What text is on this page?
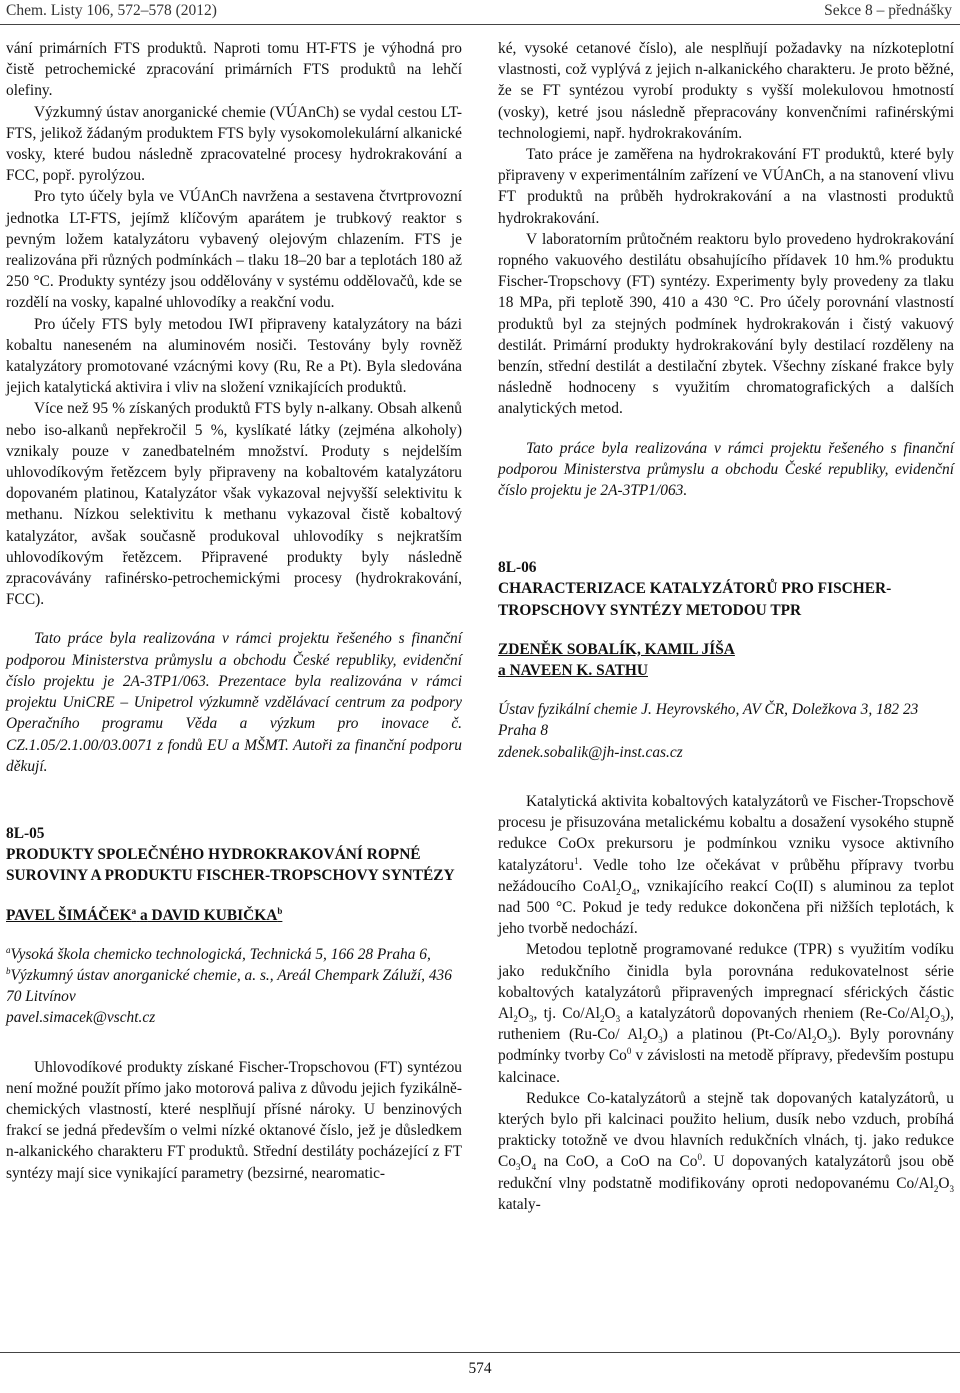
Chem. Listy 106, 572–578 (2012)	Sekce 8 – přednášky

vání primárních FTS produktů. Naproti tomu HT-FTS je výhodná pro čistě petrochemické zpracování primárních FTS produktů na lehčí olefiny.

Výzkumný ústav anorganické chemie (VÚAnCh) se vydal cestou LT-FTS, jelikož žádaným produktem FTS byly vysokomolekulární alkanické vosky, které budou následně zpracovatelné procesy hydrokrakování a FCC, popř. pyrolýzou.

Pro tyto účely byla ve VÚAnCh navržena a sestavena čtvrtprovozní jednotka LT-FTS, jejímž klíčovým aparátem je trubkový reaktor s pevným ložem katalyzátoru vybavený olejovým chlazením. FTS je realizována při různých podmínkách – tlaku 18–20 bar a teplotách 180 až 250 °C. Produkty syntézy jsou oddělovány v systému oddělovačů, kde se rozdělí na vosky, kapalné uhlovodíky a reakční vodu.

Pro účely FTS byly metodou IWI připraveny katalyzátory na bázi kobaltu naneseném na aluminovém nosiči. Testovány byly rovněž katalyzátory promotované vzácnými kovy (Ru, Re a Pt). Byla sledována jejich katalytická aktivira i vliv na složení vznikajících produktů.

Více než 95 % získaných produktů FTS byly n-alkany. Obsah alkenů nebo iso-alkanů nepřekročil 5 %, kyslíkaté látky (zejména alkoholy) vznikaly pouze v zanedbatelném množství. Produty s nejdelším uhlovodíkovým řetězcem byly připraveny na kobaltovém katalyzátoru dopovaném platinou, Katalyzátor však vykazoval nejvyšší selektivitu k methanu. Nízkou selektivitu k methanu vykazoval čistě kobaltový katalyzátor, avšak současně produkoval uhlovodíky s nejkratším uhlovodíkovým řetězcem. Připravené produkty byly následně zpracovávány rafinérsko-petrochemickými procesy (hydrokrakování, FCC).

Tato práce byla realizována v rámci projektu řešeného s finanční podporou Ministerstva průmyslu a obchodu České republiky, evidenční číslo projektu je 2A-3TP1/063. Prezentace byla realizována v rámci projektu UniCRE – Unipetrol výzkumně vzdělávací centrum za podpory Operačního programu Věda a výzkum pro inovace č. CZ.1.05/2.1.00/03.0071 z fondů EU a MŠMT. Autoři za finanční podporu děkují.

8L-05

PRODUKTY SPOLEČNÉHO HYDROKRAKOVÁNÍ ROPNÉ SUROVINY A PRODUKTU FISCHER-TROPSCHOVY SYNTÉZY

PAVEL ŠIMÁČEK$^a$ a DAVID KUBIČKA$^b$

$^a$Vysoká škola chemicko technologická, Technická 5, 166 28 Praha 6, $^b$Výzkumný ústav anorganické chemie, a. s., Areál Chempark Záluží, 436 70 Litvínov

pavel.simacek@vscht.cz

Uhlovodíkové produkty získané Fischer-Tropschovou (FT) syntézou není možné použít přímo jako motorová paliva z důvodu jejich fyzikálně-chemických vlastností, které nesplňují přísné nároky. U benzinových frakcí se jedná především o velmi nízké oktanové číslo, jež je důsledkem n-alkanického charakteru FT produktů. Střední destiláty pocházející z FT syntézy mají sice vynikající parametry (bezsirné, nearomatic-

ké, vysoké cetanové číslo), ale nesplňují požadavky na nízkoteplotní vlastnosti, což vyplývá z jejich n-alkanického charakteru. Je proto běžné, že se FT syntézou vyrobí produkty s vyšší molekulovou hmotností (vosky), ketré jsou následně přepracovány konvenčními rafinérskými technologiemi, např. hydrokrakováním.

Tato práce je zaměřena na hydrokrakování FT produktů, které byly připraveny v experimentálním zařízení ve VÚAnCh, a na stanovení vlivu FT produktů na průběh hydrokrakování a na vlastnosti produktů hydrokrakování.

V laboratorním průtočném reaktoru bylo provedeno hydrokrakování ropného vakuového destilátu obsahujícího přídavek 10 hm.% produktu Fischer-Tropschovy (FT) syntézy. Experimenty byly provedeny za tlaku 18 MPa, při teplotě 390, 410 a 430 °C. Pro účely porovnání vlastností produktů byl za stejných podmínek hydrokrakován i čistý vakuový destilát. Primární produkty hydrokrakování byly destilací rozděleny na benzín, střední destilát a destilační zbytek. Všechny získané frakce byly následně hodnoceny s využitím chromatografických a dalších analytických metod.

Tato práce byla realizována v rámci projektu řešeného s finanční podporou Ministerstva průmyslu a obchodu České republiky, evidenční číslo projektu je 2A-3TP1/063.

8L-06

CHARACTERIZACE KATALYZÁTORŮ PRO FISCHER-TROPSCHOVY SYNTÉZY METODOU TPR

ZDENĚK SOBALÍK, KAMIL JÍŠA
a NAVEEN K. SATHU

Ústav fyzikální chemie J. Heyrovského, AV ČR, Doležkova 3, 182 23 Praha 8

zdenek.sobalik@jh-inst.cas.cz

Katalytická aktivita kobaltových katalyzátorů ve Fischer-Tropschově procesu je přisuzována metalickému kobaltu a dosažení vysokého stupně redukce CoOx prekursoru je podmínkou vzniku vysoce aktivního katalyzátoru$^1$. Vedle toho lze očekávat v průběhu přípravy tvorbu nežádoucího $CoAl_2O_4$, vznikajícího reakcí Co(II) s aluminou za teplot nad 500 °C. Pokud je tedy redukce dokončena při nižších teplotách, k jeho tvorbě nedochází.

Metodou teplotně programované redukce (TPR) s využitím vodíku jako redukčního činidla byla porovnána redukovatelnost série kobaltových katalyzátorů připravených impregnací sférických částic $Al_2O_3$, tj. $Co/Al_2O_3$ a katalyzátorů dopovaných rheniem $(Re-Co/Al_2O_3)$, rutheniem (Ru-Co/ $Al_2O_3$) a platinou $(Pt-Co/Al_2O_3)$. Byly porovnány podmínky tvorby Co$^0$ v závislosti na metodě přípravy, především postupu kalcinace.

Redukce Co-katalyzátorů a stejně tak dopovaných katalyzátorů, u kterých bylo při kalcinaci použito helium, dusík nebo vzduch, probíhá prakticky totožně ve dvou hlavních redukčních vlnách, tj. jako redukce $Co_3O_4$ na CoO, a CoO na Co$^0$. U dopovaných katalyzátorů jsou obě redukční vlny podstatně modifikovány oproti nedopovanému $Co/Al_2O_3$ kataly-

574
